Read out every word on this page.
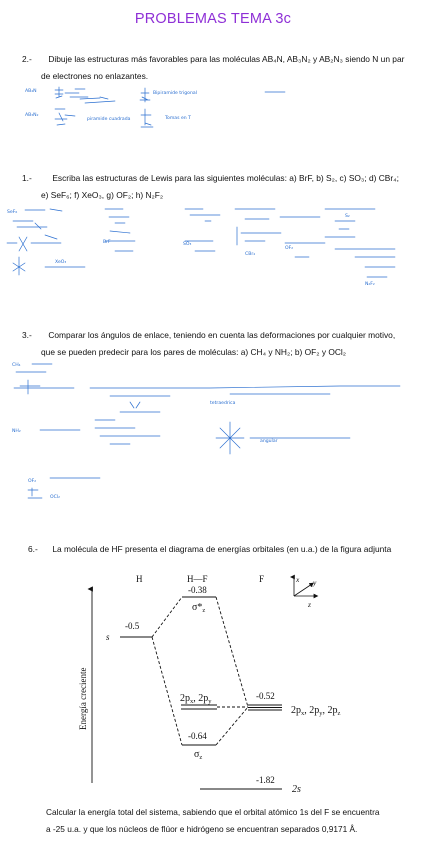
PROBLEMAS TEMA 3c
2.- Dibuje las estructuras más favorables para las moléculas AB₄N, AB₃N₂ y AB₂N₃ siendo N un par
de electrones no enlazantes.
AB₄N	Bipiramide trigonal
AB₃N₂
piramide cuadrada	Tomas en T
1.- Escriba las estructuras de Lewis para las siguientes moléculas: a) BrF, b) S₂, c) SO₃; d) CBr₄;
e) SeF₆; f) XeO₃, g) OF₂; h) N₂F₂
SeF₆
XeO₃
BrF	SO₃
CBr₄
OF₂
S₂
N₂F₂
3.- Comparar los ángulos de enlace, teniendo en cuenta las deformaciones por cualquier motivo,
que se pueden predecir para los pares de moléculas: a) CH₄ y NH₂; b) OF₂ y OCl₂
CH₄
tetraedrica
NH₂
angular
OF₂
OCl₂
6.- La molécula de HF presenta el diagrama de energías orbitales (en u.a.) de la figura adjunta
Energía creciente
H	H—F	F	x y
z
s
-0.5
-0.38
$\sigma*_z$
$2p_x$, $2p_y$
-0.64
$\sigma_z$
-0.52
$2p_x$, $2p_y$, $2p_z$
-1.82
2s
Calcular la energía total del sistema, sabiendo que el orbital atómico 1s del F se encuentra
a -25 u.a. y que los núcleos de flúor e hidrógeno se encuentran separados 0,9171 Å.
